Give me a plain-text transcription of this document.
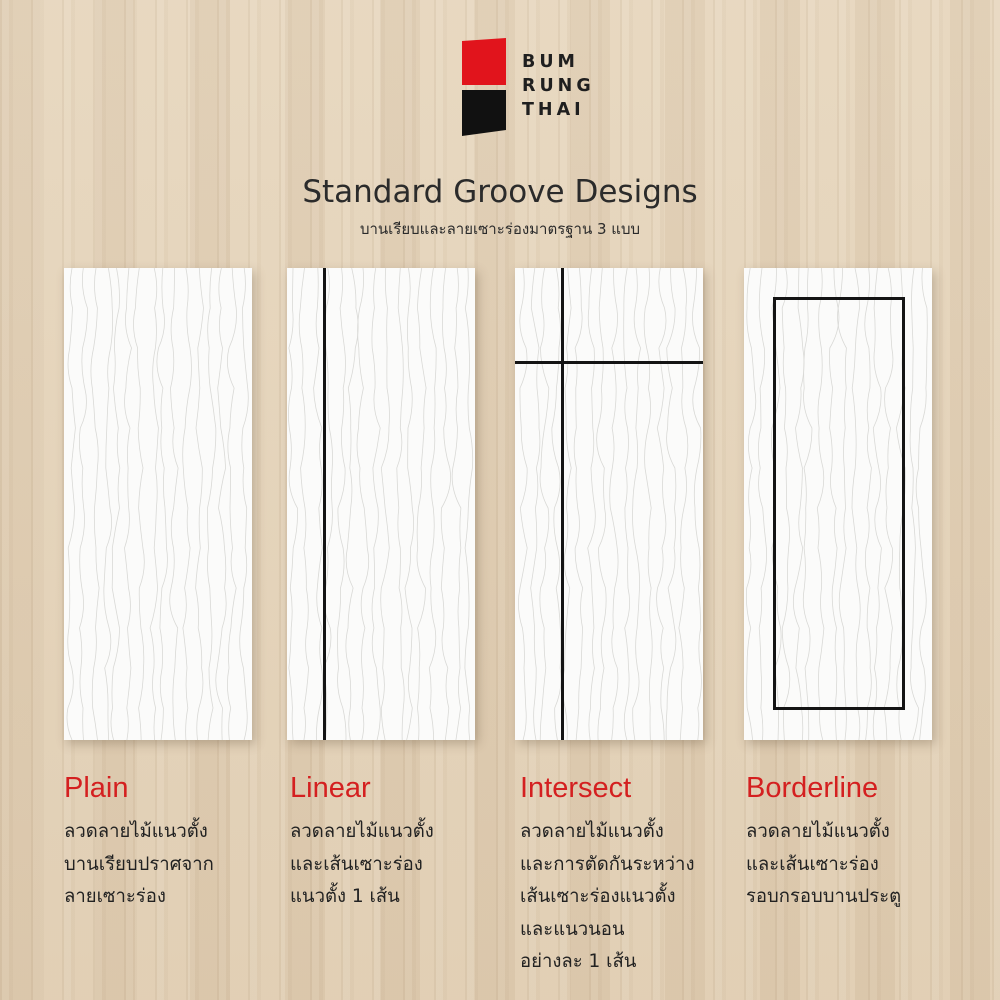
BUM
RUNG
THAI
Standard Groove Designs
บานเรียบและลายเซาะร่องมาตรฐาน 3 แบบ
Plain	Linear	Intersect	Borderline
ลวดลายไม้แนวตั้ง
บานเรียบปราศจาก
ลายเซาะร่อง
ลวดลายไม้แนวตั้ง
และเส้นเซาะร่อง
แนวตั้ง 1 เส้น
ลวดลายไม้แนวตั้ง
และการตัดกันระหว่าง
เส้นเซาะร่องแนวตั้ง
และแนวนอน
อย่างละ 1 เส้น
ลวดลายไม้แนวตั้ง
และเส้นเซาะร่อง
รอบกรอบบานประตู
